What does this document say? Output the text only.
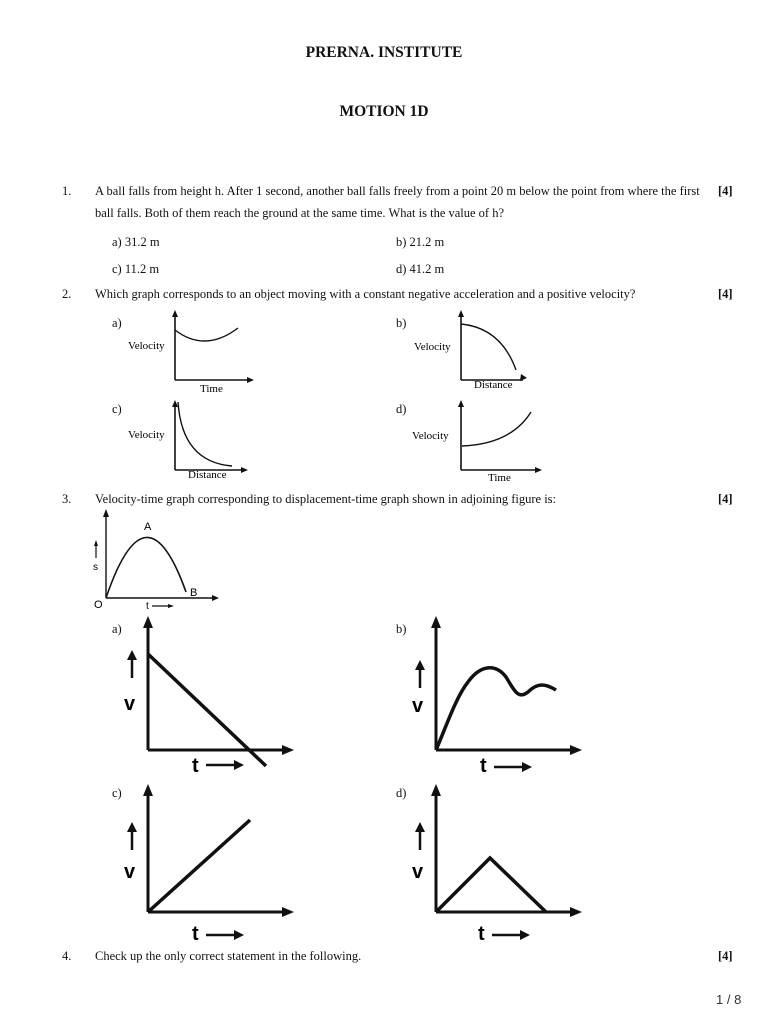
PRERNA. INSTITUTE
MOTION 1D
1. A ball falls from height h. After 1 second, another ball falls freely from a point 20 m below the point from where the first ball falls. Both of them reach the ground at the same time. What is the value of h?
[4]
a) 31.2 m	b) 21.2 m
c) 11.2 m	d) 41.2 m
2. Which graph corresponds to an object moving with a constant negative acceleration and a positive velocity?	[4]
a)	b)
c)	d)
Velocity
Time
Velocity
Distance
Velocity
Distance
Velocity
Time
3. Velocity-time graph corresponding to displacement-time graph shown in adjoining figure is:	[4]
A
B
O
s
t
a)	b)
c)	d)
v
t
v
t
v
t
v
t
4. Check up the only correct statement in the following.	[4]
1 / 8
